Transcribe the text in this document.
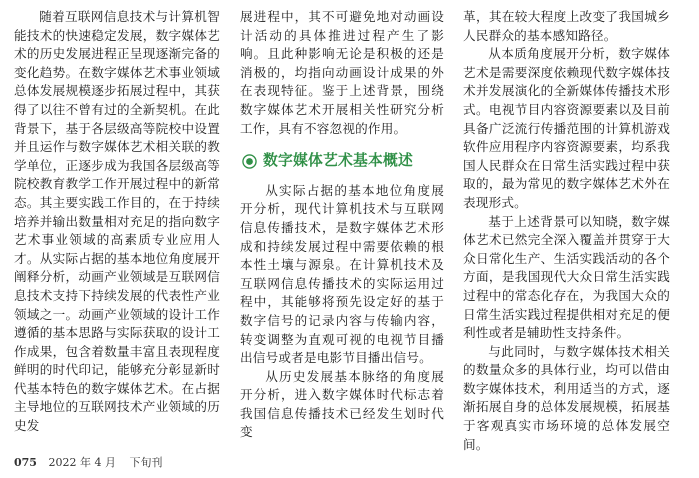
随着互联网信息技术与计算机智能技术的快速稳定发展，数字媒体艺术的历史发展进程正呈现逐渐完备的变化趋势。在数字媒体艺术事业领域总体发展规模逐步拓展过程中，其获得了以往不曾有过的全新契机。在此背景下，基于各层级高等院校中设置并且运作与数字媒体艺术相关联的教学单位，正逐步成为我国各层级高等院校教育教学工作开展过程中的新常态。其主要实践工作目的，在于持续培养并输出数量相对充足的指向数字艺术事业领域的高素质专业应用人才。从实际占据的基本地位角度展开阐释分析，动画产业领域是互联网信息技术支持下持续发展的代表性产业领域之一。动画产业领域的设计工作遵循的基本思路与实际获取的设计工作成果，包含着数量丰富且表现程度鲜明的时代印记，能够充分彰显新时代基本特色的数字媒体艺术。在占据主导地位的互联网技术产业领域的历史发

展进程中，其不可避免地对动画设计活动的具体推进过程产生了影响。且此种影响无论是积极的还是消极的，均指向动画设计成果的外在表现特征。鉴于上述背景，围绕数字媒体艺术开展相关性研究分析工作，具有不容忽视的作用。

数字媒体艺术基本概述

从实际占据的基本地位角度展开分析，现代计算机技术与互联网信息传播技术，是数字媒体艺术形成和持续发展过程中需要依赖的根本性土壤与源泉。在计算机技术及互联网信息传播技术的实际运用过程中，其能够将预先设定好的基于数字信号的记录内容与传输内容，转变调整为直观可视的电视节目播出信号或者是电影节目播出信号。

从历史发展基本脉络的角度展开分析，进入数字媒体时代标志着我国信息传播技术已经发生划时代变

革，其在较大程度上改变了我国城乡人民群众的基本感知路径。

从本质角度展开分析，数字媒体艺术是需要深度依赖现代数字媒体技术并发展演化的全新媒体传播技术形式。电视节目内容资源要素以及目前具备广泛流行传播范围的计算机游戏软件应用程序内容资源要素，均系我国人民群众在日常生活实践过程中获取的，最为常见的数字媒体艺术外在表现形式。

基于上述背景可以知晓，数字媒体艺术已然完全深入覆盖并贯穿于大众日常化生产、生活实践活动的各个方面，是我国现代大众日常生活实践过程中的常态化存在，为我国大众的日常生活实践过程提供相对充足的便利性或者是辅助性支持条件。

与此同时，与数字媒体技术相关的数量众多的具体行业，均可以借由数字媒体技术，利用适当的方式，逐渐拓展自身的总体发展规模，拓展基于客观真实市场环境的总体发展空间。

075 2022 年 4 月 下旬刊
